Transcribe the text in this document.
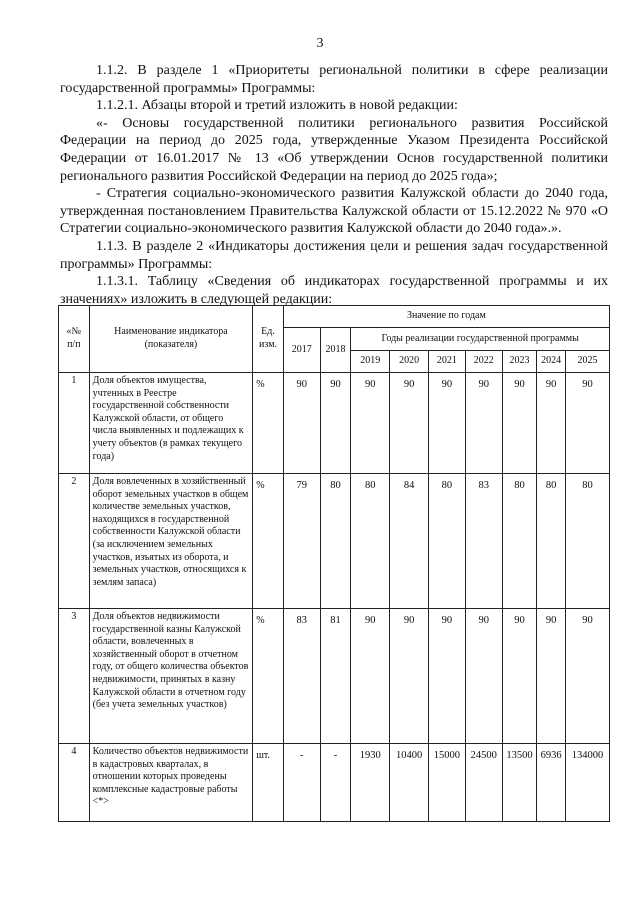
3

1.1.2. В разделе 1 «Приоритеты региональной политики в сфере реализации государственной программы» Программы:

1.1.2.1. Абзацы второй и третий изложить в новой редакции:

«- Основы государственной политики регионального развития Российской Федерации на период до 2025 года, утвержденные Указом Президента Российской Федерации от 16.01.2017 № 13 «Об утверждении Основ государственной политики регионального развития Российской Федерации на период до 2025 года»;

- Стратегия социально-экономического развития Калужской области до 2040 года, утвержденная постановлением Правительства Калужской области от 15.12.2022 № 970 «О Стратегии социально-экономического развития Калужской области до 2040 года».».

1.1.3. В разделе 2 «Индикаторы достижения цели и решения задач государственной программы» Программы:

1.1.3.1. Таблицу «Сведения об индикаторах государственной программы и их значениях» изложить в следующей редакции:

«№ п/п	Наименование индикатора (показателя)	Ед. изм.	Значение по годам								
			2017	2018	Годы реализации государственной программы						
					2019	2020	2021	2022	2023	2024	2025
1	Доля объектов имущества, учтенных в Реестре государственной собственности Калужской области, от общего числа выявленных и подлежащих к учету объектов (в рамках текущего года)	%	90	90	90	90	90	90	90	90	90
2	Доля вовлеченных в хозяйственный оборот земельных участков в общем количестве земельных участков, находящихся в государственной собственности Калужской области (за исключением земельных участков, изъятых из оборота, и земельных участков, относящихся к землям запаса)	%	79	80	80	84	80	83	80	80	80
3	Доля объектов недвижимости государственной казны Калужской области, вовлеченных в хозяйственный оборот в отчетном году, от общего количества объектов недвижимости, принятых в казну Калужской области в отчетном году (без учета земельных участков)	%	83	81	90	90	90	90	90	90	90
4	Количество объектов недвижимости в кадастровых кварталах, в отношении которых проведены комплексные кадастровые работы <*>	шт.	-	-	1930	10400	15000	24500	13500	6936	134000
